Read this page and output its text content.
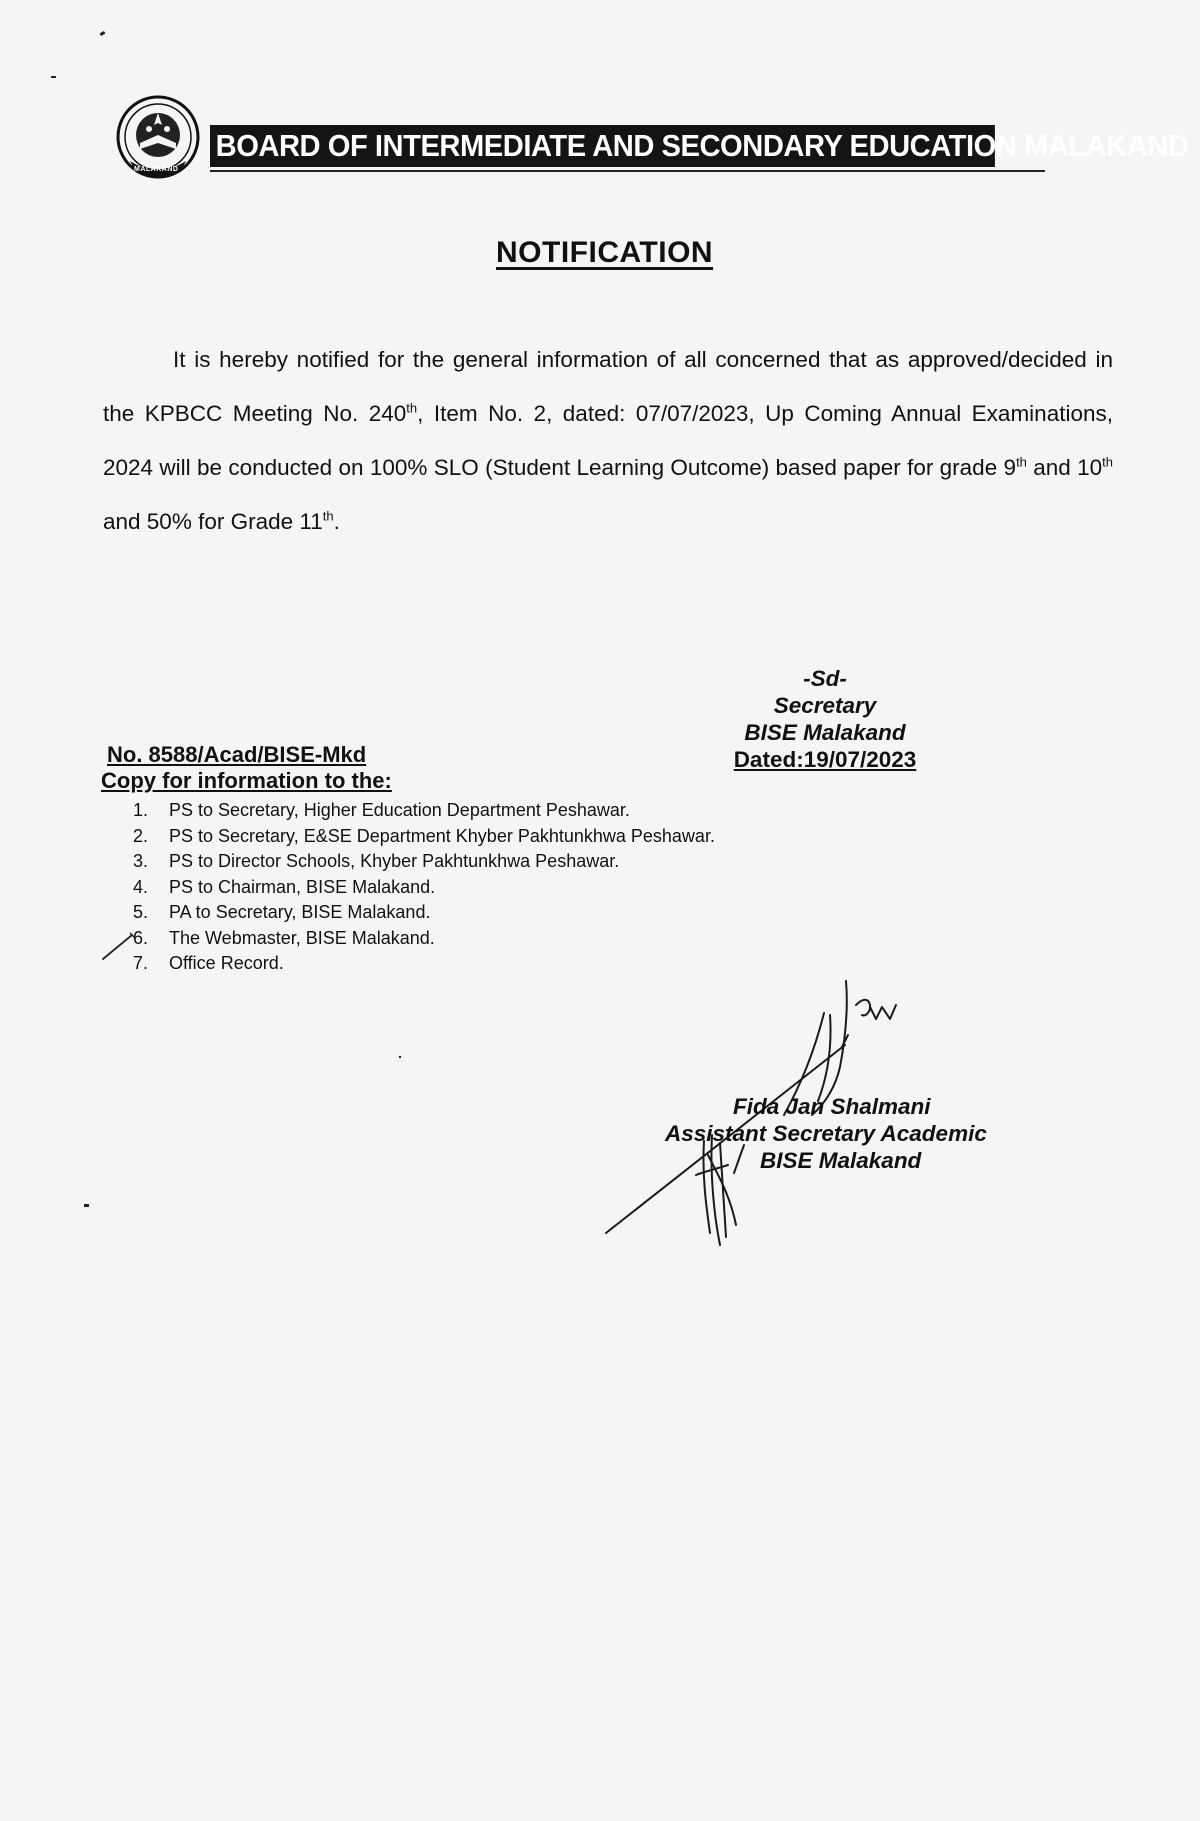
MALAKAND
BOARD OF INTERMEDIATE AND SECONDARY EDUCATION MALAKAND
NOTIFICATION
It is hereby notified for the general information of all concerned that as approved/decided in the KPBCC Meeting No. 240th, Item No. 2, dated: 07/07/2023, Up Coming Annual Examinations, 2024 will be conducted on 100% SLO (Student Learning Outcome) based paper for grade 9th and 10th and 50% for Grade 11th.
-Sd-
Secretary
BISE Malakand
Dated:19/07/2023
No. 8588/Acad/BISE-Mkd
Copy for information to the:
1. PS to Secretary, Higher Education Department Peshawar.
2. PS to Secretary, E&SE Department Khyber Pakhtunkhwa Peshawar.
3. PS to Director Schools, Khyber Pakhtunkhwa Peshawar.
4. PS to Chairman, BISE Malakand.
5. PA to Secretary, BISE Malakand.
6. The Webmaster, BISE Malakand.
7. Office Record.
Fida Jan Shalmani
Assistant Secretary Academic
BISE Malakand
